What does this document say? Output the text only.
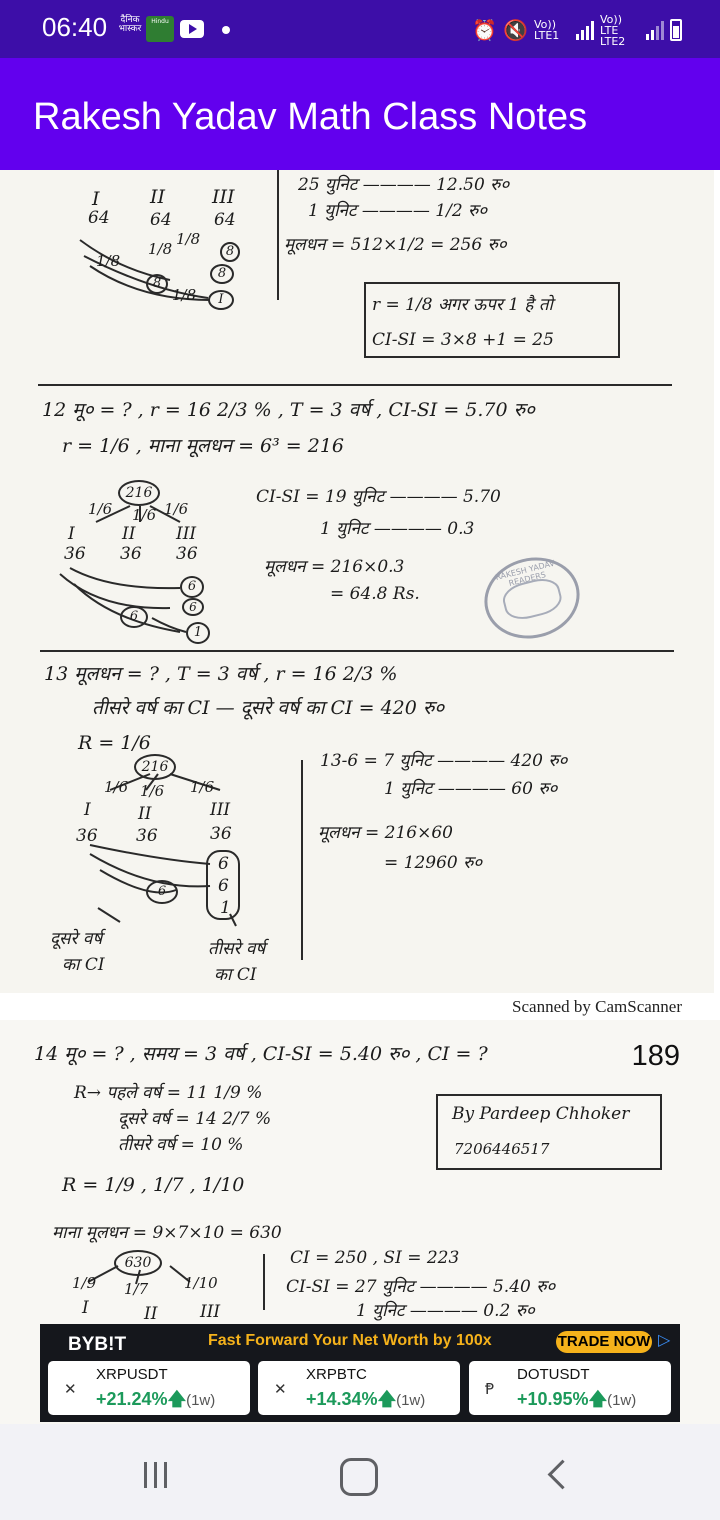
06:40 दैनिक भास्कर
Hindu	⏰ 🔇 Vo)) LTE1
Vo)) LTE LTE2
Rakesh Yadav Math Class Notes
I	II III
64 64 64
1/8
1/8
1/8
8
8
I
1/8
8
25 युनिट ———— 12.50 रु०
1 युनिट ———— 1/2 रु०
मूलधन = 512×1/2 = 256 रु०
r = 1/8 अगर ऊपर 1 है तो
CI-SI = 3×8 +1 = 25
12 मू० = ? , r = 16 2/3 % , T = 3 वर्ष , CI-SI = 5.70 रु०
r = 1/6 , माना मूलधन = 6³ = 216
216
1/6 1/6 1/6
I	II III
36 36 36
6
6
6
1
CI-SI = 19 युनिट ———— 5.70
1 युनिट ———— 0.3
मूलधन = 216×0.3
= 64.8 Rs.
RAKESH YADAV READERS
13 मूलधन = ? , T = 3 वर्ष , r = 16 2/3 %
तीसरे वर्ष का CI — दूसरे वर्ष का CI = 420 रु०
R = 1/6
216
1/6 1/6 1/6
I	II	III
36 36	36
6
6
1
6
13-6 = 7 युनिट ———— 420 रु०
1 युनिट ———— 60 रु०
मूलधन = 216×60
= 12960 रु०
दूसरे वर्ष
का CI
तीसरे वर्ष
का CI
Scanned by CamScanner
189
14 मू० = ? , समय = 3 वर्ष , CI-SI = 5.40 रु० , CI = ?
R→ पहले वर्ष = 11 1/9 %
दूसरे वर्ष = 14 2/7 %
तीसरे वर्ष = 10 %
R = 1/9 , 1/7 , 1/10
माना मूलधन = 9×7×10 = 630
630
1/9 1/7 1/10
I	II	III
CI = 250 , SI = 223
CI-SI = 27 युनिट ———— 5.40 रु०
1 युनिट ———— 0.2 रु०
By Pardeep Chhoker
7206446517
BYB!T	Fast Forward Your Net Worth by 100x	TRADE NOW ▷
✕
XRPUSDT
+21.24%🡅(1w)
✕
XRPBTC
+14.34%🡅(1w)
Ᵽ
DOTUSDT
+10.95%🡅(1w)
